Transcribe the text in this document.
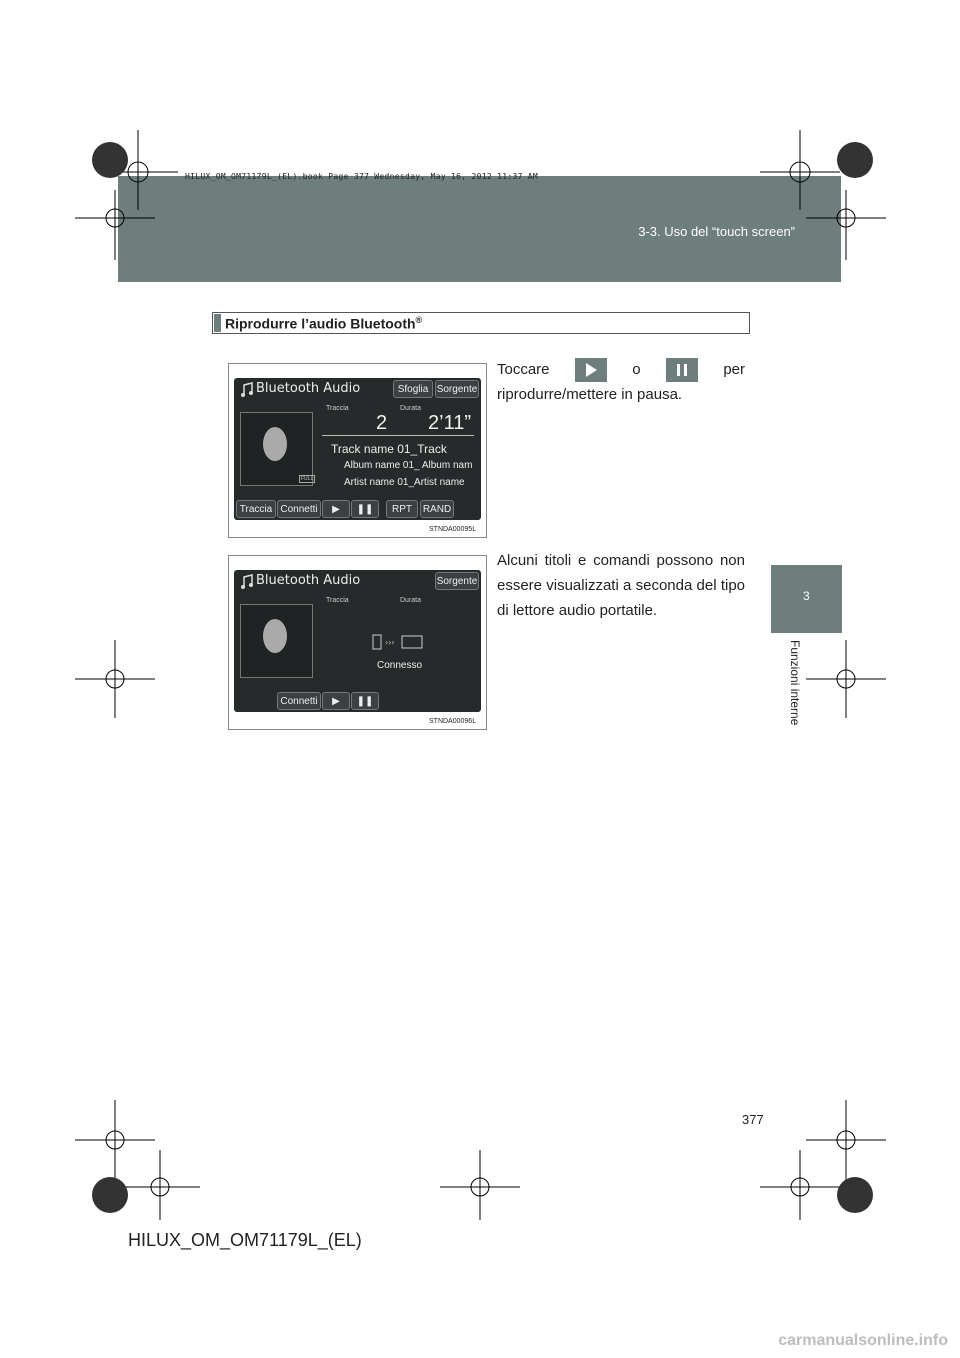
HILUX_OM_OM71179L_(EL).book Page 377 Wednesday, May 16, 2012 11:37 AM
3-3. Uso del “touch screen”
3
Funzioni interne
Riprodurre l’audio Bluetooth®
Toccare	o	per
riprodurre/mettere in pausa.
Alcuni titoli e comandi possono non essere visualizzati a seconda del tipo di lettore audio portatile.
Bluetooth Audio	Sfoglia Sorgente
FULL
Traccia	Durata
2 2’11”
Track name 01_Track
Album name 01_ Album nam
Artist name 01_Artist name
Traccia Connetti	▶	❚❚	RPT	RAND
STNDA00095L
Bluetooth Audio	Sorgente
Traccia	Durata
›››
Connesso
Connetti	▶	❚❚
STNDA00096L
377
HILUX_OM_OM71179L_(EL)
carmanualsonline.info
